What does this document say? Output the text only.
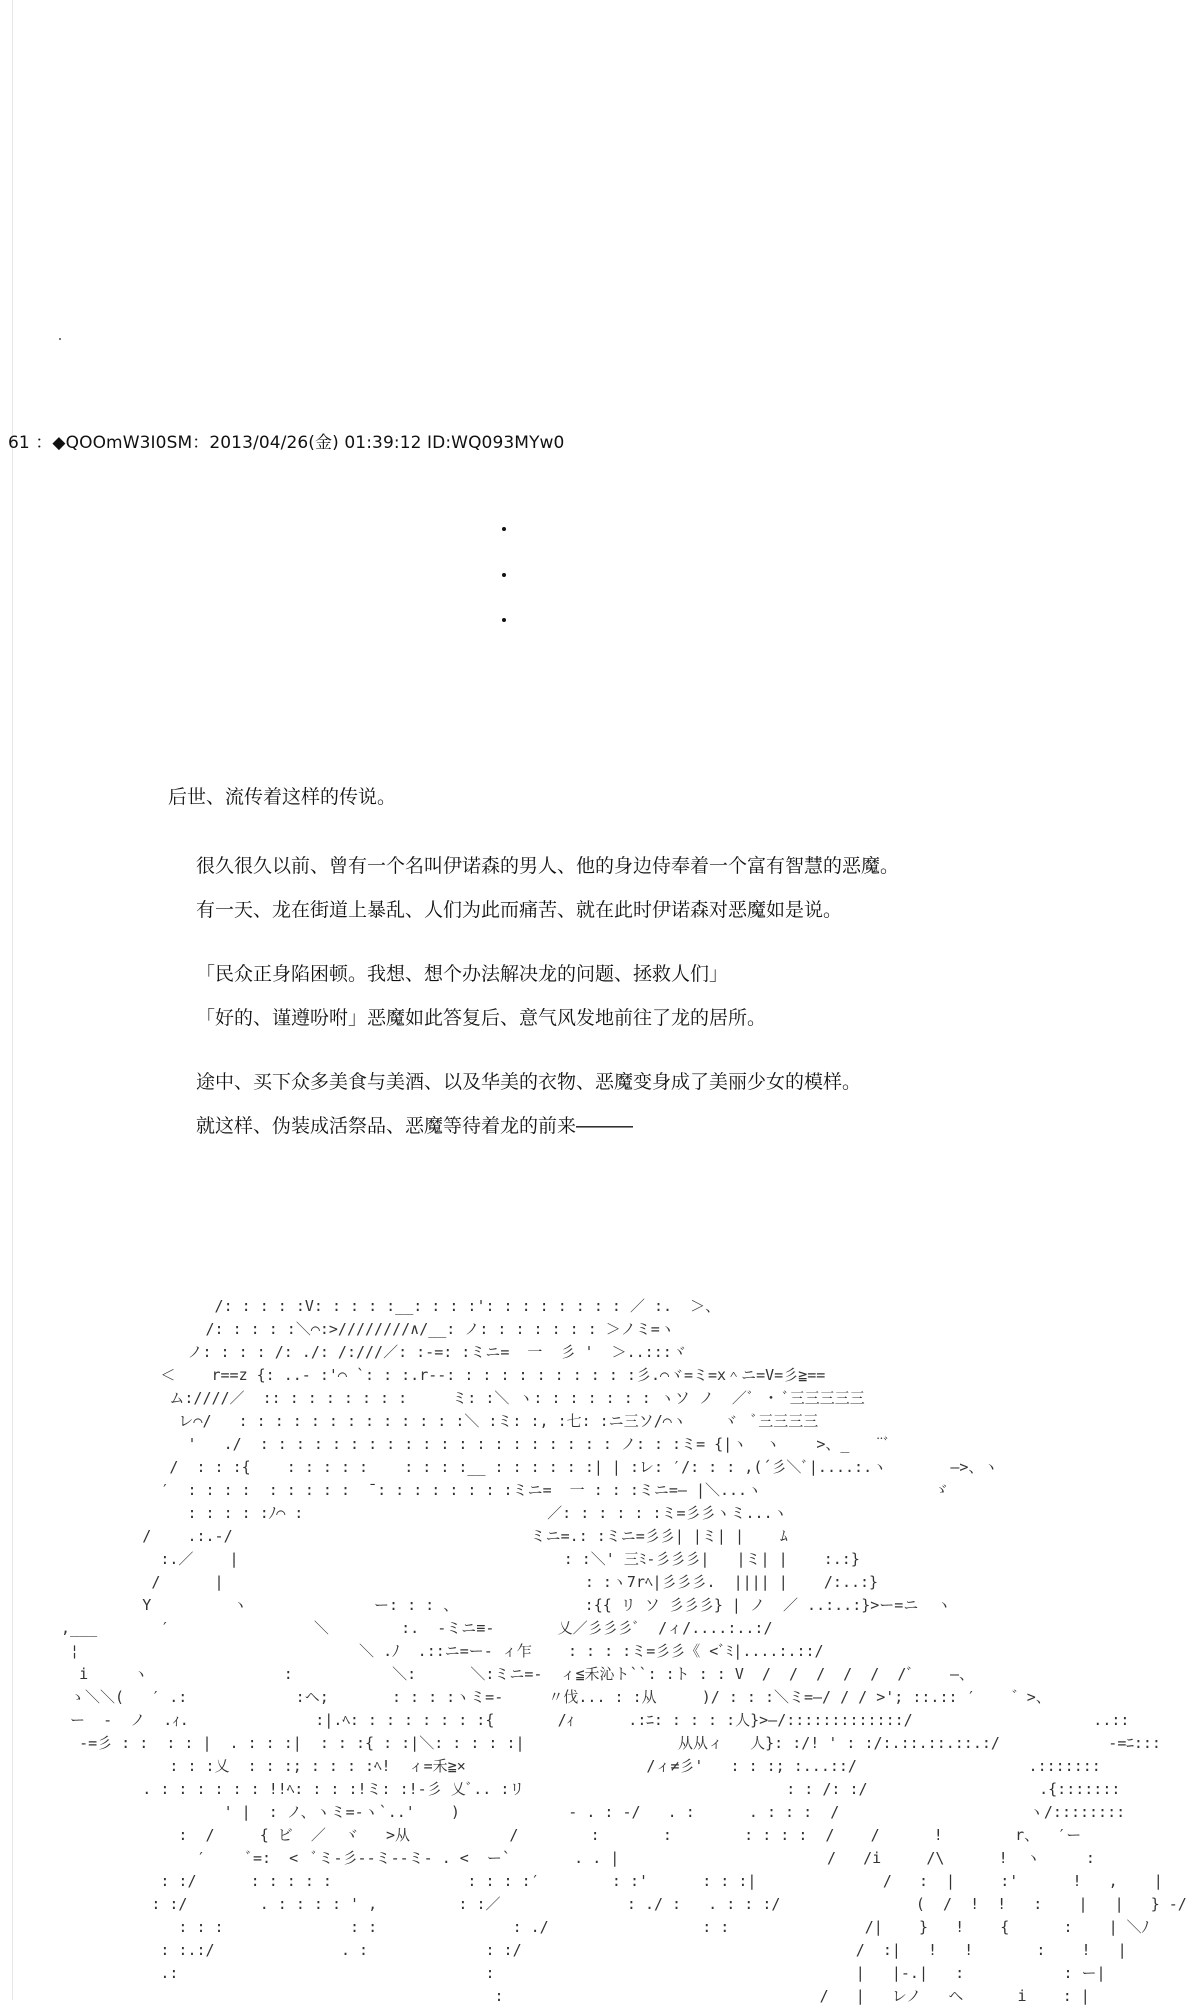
61 ：◆QOOmW3I0SM：2013/04/26(金) 01:39:12 ID:WQ093MYw0

后世、流传着这样的传说。

很久很久以前、曾有一个名叫伊诺森的男人、他的身边侍奉着一个富有智慧的恶魔。

有一天、龙在街道上暴乱、人们为此而痛苦、就在此时伊诺森对恶魔如是说。

「民众正身陷困顿。我想、想个办法解决龙的问题、拯救人们」

「好的、谨遵吩咐」恶魔如此答复后、意气风发地前往了龙的居所。

途中、买下众多美食与美酒、以及华美的衣物、恶魔变身成了美丽少女的模样。

就这样、伪装成活祭品、恶魔等待着龙的前来―――

/: : : : :V: : : : :__: : : :': : : : : : : : ／ :.  ＞、
/: : : : :＼⌒:>////////∧/__: ノ: : : : : : : ＞ノミ=ヽ
ノ: : : : /: ./: /:///／: :-=: :ミニ=  一  彡 '  ＞..:::ヾ
＜    r==z {: ..- :'⌒ `: : :.r--: : : : : : : : : : :彡.⌒ヾ=ミ=x＾ニ=V=彡≧==
ム:////／  :: : : : : : : :     ミ: :＼ ヽ: : : : : : : ヽソ ノ  ／ﾞ ・ ﾞ三三三三三
レ⌒/   : : : : : : : : : : : : :＼ :ミ: :, :七: :ニ三ソ/⌒ヽ    ヾ  ﾞ三三三三
'   ./  : : : : : : : : : : : : : : : : : : : : ノ: : :ミ= {|ヽ  ヽ    >、_   ¨ﾞ
/  : : :{    : : : : :    : : : :__ : : : : : :| | :レ: ′/: : : ,(´彡＼ﾞ|....:.ヽ       ―>、ヽ
′  : : : :  : : : : :  ̄ : : : : : : : :ミニ=  一 : : :ミニ=― |＼...ヽ                   ゞ
: : : : :ﾉ⌒ :                           ／: : : : : :ミ=彡彡ヽミ...ヽ
/    .:.-/                                 ミニ=.: :ミニ=彡彡| |ミ| |    ﾑ
:.／    |                                    : :＼' 三ﾐ‐彡彡彡|   |ミ| |    :.:}
/      |                                        : :ヽ7rﾍ|彡彡彡.  |||| |    /:..:}
Y         ヽ              ー: : : 、              :{{ リ ソ 彡彡彡} | ノ  ／ ..:..:}>ー=ニ  ヽ
,___       ′                ＼        :.  -ミニ≡-       乂／彡彡彡ﾞ  /ィ/....:..:/
¦                               ＼ .ﾉ  .::ニ=ー- ィ乍    : : : :ミ=彡彡《 <ﾞﾐ|....:.::/
i     ヽ               :           ＼:      ＼:ミニ=-  ィ≦禾沁ト``: :ト : : V  /  /  /  /  /  /ﾞ    ―、
ゝ＼＼(   ′ .:            :ヘ;       : : : :ヽミ=-     〃伐... : :从     )/ : : :＼ミ=―/ / / >'; ::.:: ′    ゛>、
ー  -  ノ  .ｨ.              :|.ﾍ: : : : : : : :{       /ｨ      .:ﾆ: : : : :人}>―/:::::::::::::/                    ..::
-=彡 : :  : : |  . : : :|  : : :{ : :|＼: : : : :|                 从从ィ   人}: :/! ' : :/:.::.::.::.:/            -=ﾆ:::
: : :乂  : : :; : : : :ﾍ!  ィ=禾≧×                    /ィ≠彡'   : : :; :...::/                   .:::::::
. : : : : : : !!ﾍ: : : :!ミ: :!-彡 乂ﾞ.. :リ                             : : /: :/                   .{:::::::
' |  : ノ、ヽミ=-ヽ`..'    )            - . : -/   . :      . : : :  /                     ヽ/::::::::
:  /     { ビ  ／  ヾ   >从           /        :       :        : : : :  /    /      !        r、  ′ー
′     ﾞ=:  <  ﾞミ-彡--ミ--ミ- . <  ー`       . . |                       /   /i     /\      !  ヽ     :
: :/      : : : : :               : : : :′        : :'      : : :|              /   :  |     :'      !   ,    |
: :/        . : : : : ' ,         : :／              : ./ :   . : : :/               (  /  !  !   :    |   |   } -/
: : :              : :               : ./                 : :               /|    }   !    {      :    | ＼ﾉ
: :.:/              . :             : :/                                     /  :|   !   !       :    !   |
.:                                  :                                        |   |-.|   :           : ー|
:                                   /   |   レノ   ヘ      i    : |
